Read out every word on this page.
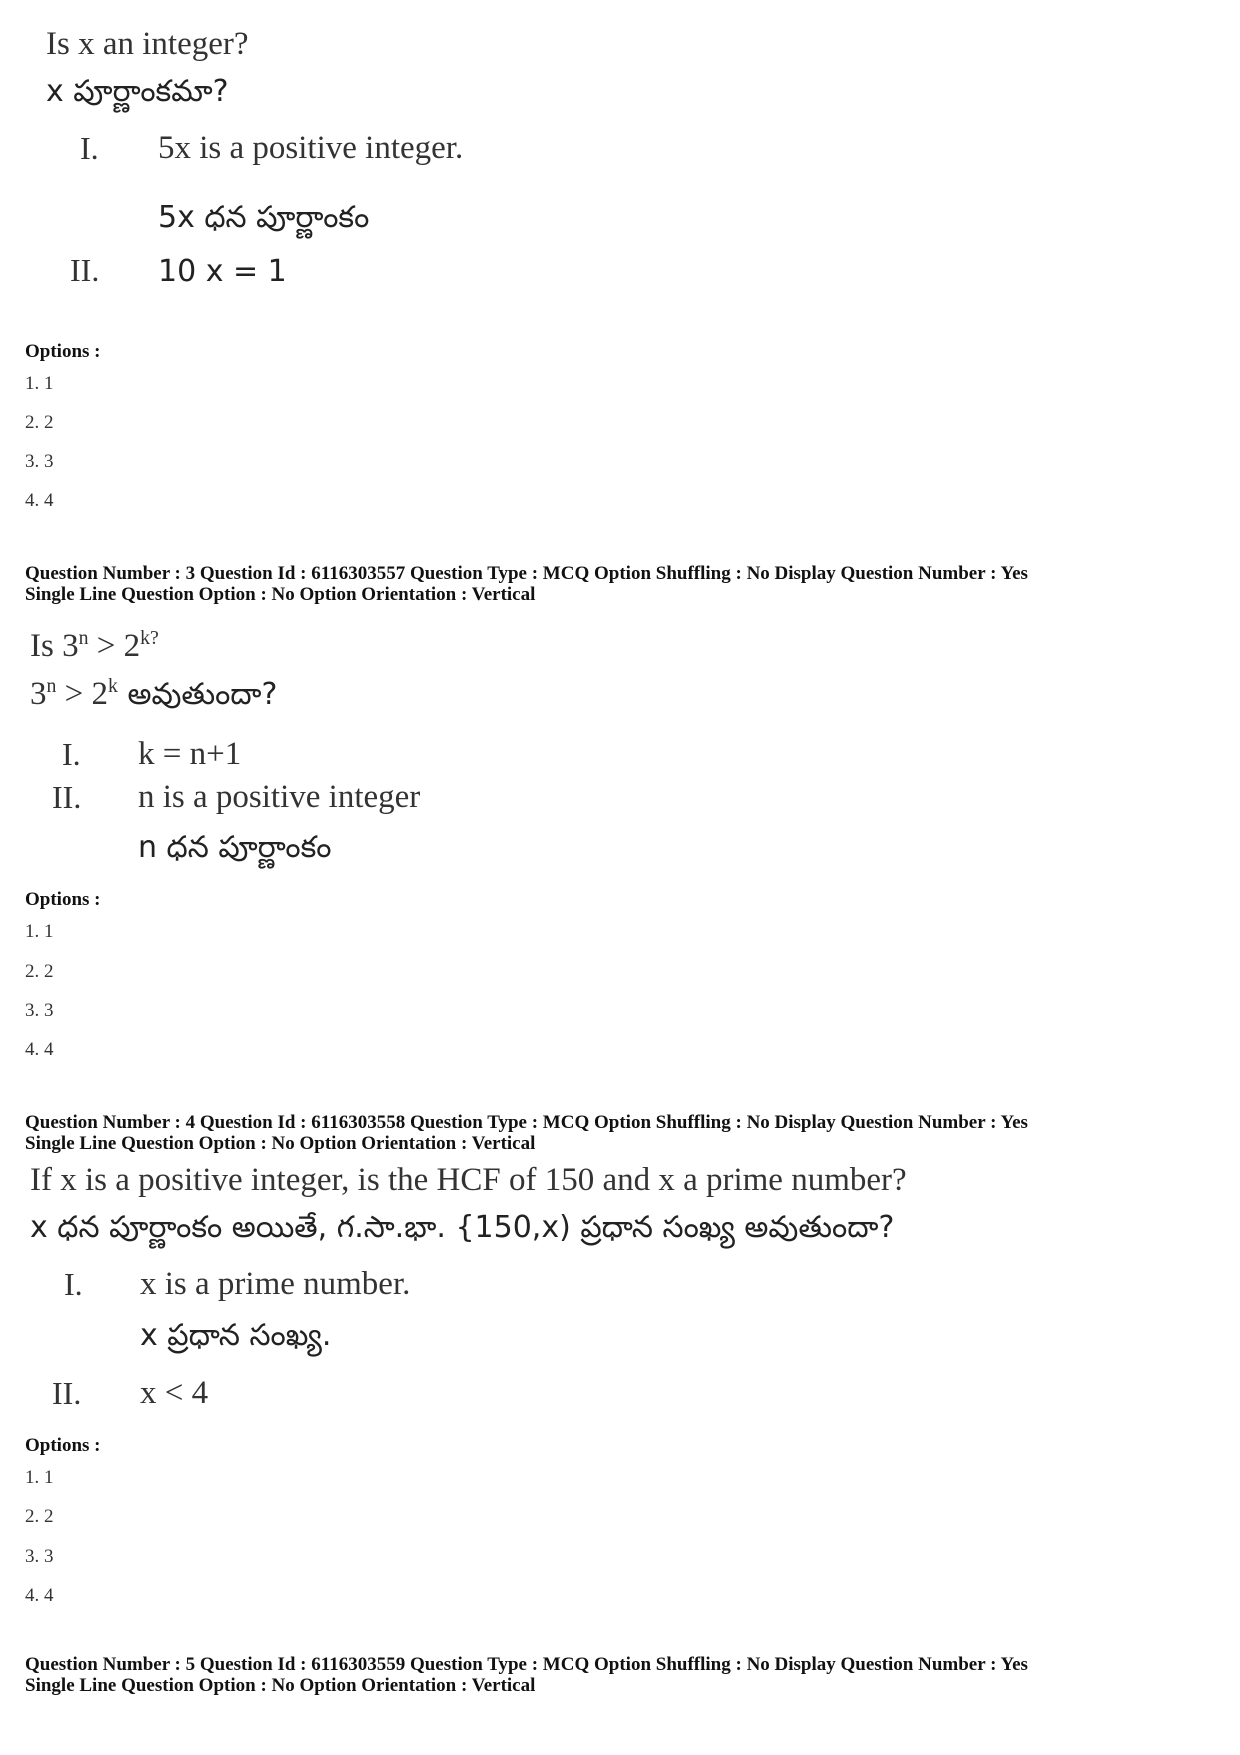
Is x an integer?
x పూర్ణాంకమా?
I. 5x is a positive integer.
5x ధన పూర్ణాంకం
II. 10 x = 1
Options :
1. 1
2. 2
3. 3
4. 4
Question Number : 3 Question Id : 6116303557 Question Type : MCQ Option Shuffling : No Display Question Number : Yes
Single Line Question Option : No Option Orientation : Vertical
Is $3^n > 2^{k?}$
$3^n > 2^k$ అవుతుందా?
I. k = n+1
II. n is a positive integer
n ధన పూర్ణాంకం
Options :
1. 1
2. 2
3. 3
4. 4
Question Number : 4 Question Id : 6116303558 Question Type : MCQ Option Shuffling : No Display Question Number : Yes
Single Line Question Option : No Option Orientation : Vertical
If x is a positive integer, is the HCF of 150 and x a prime number?
x ధన పూర్ణాంకం అయితే, గ.సా.భా. {150,x) ప్రధాన సంఖ్య అవుతుందా?
I. x is a prime number.
x ప్రధాన సంఖ్య.
II. x < 4
Options :
1. 1
2. 2
3. 3
4. 4
Question Number : 5 Question Id : 6116303559 Question Type : MCQ Option Shuffling : No Display Question Number : Yes
Single Line Question Option : No Option Orientation : Vertical
